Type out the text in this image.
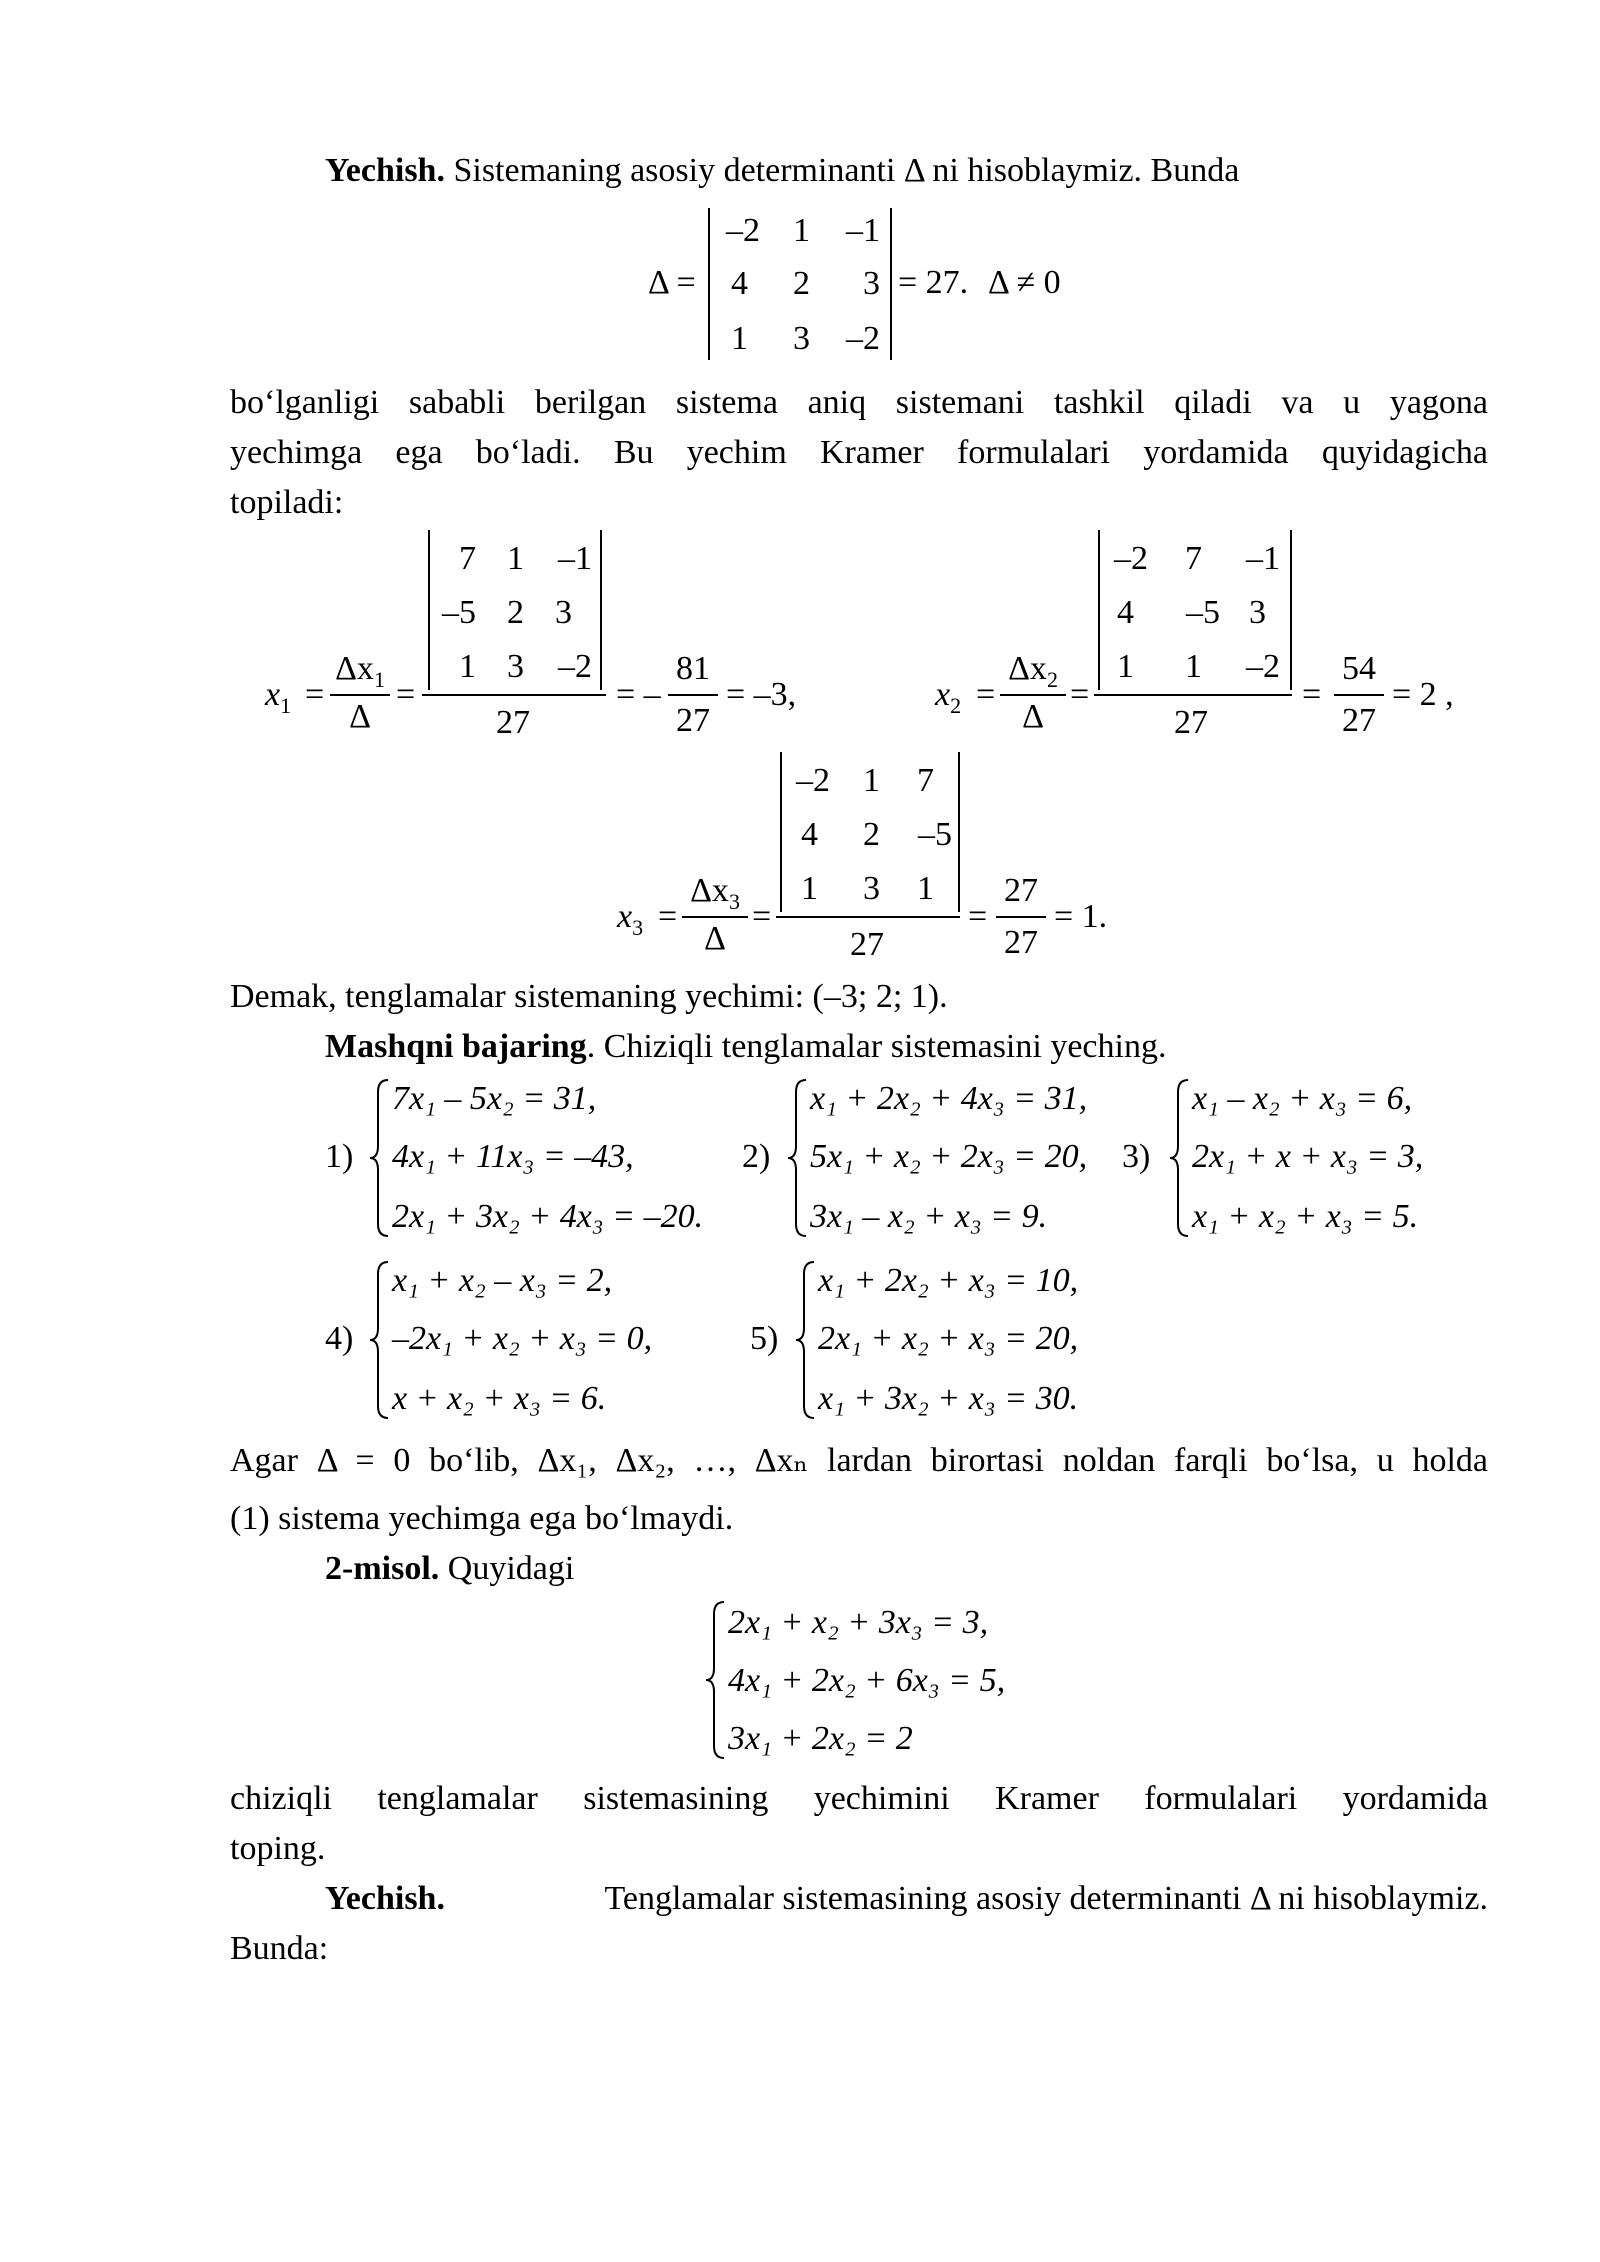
Yechish. Sistemaning asosiy determinanti Δ ni hisoblaymiz. Bunda
Δ =
–2 1	–1
4	2	3
1	3	–2
= 27. Δ ≠ 0
bo‘lganligi sababli berilgan sistema aniq sistemani tashkil qiladi va u yagona
yechimga ega bo‘ladi. Bu yechim Kramer formulalari yordamida quyidagicha
topiladi:
$x_1$ =
$\Delta x_1$
Δ
=
7 1	–1
–5 2 3
1 3	–2
27
= –
81
27
= –3,	$x_2$ =
$\Delta x_2$
Δ
=
–2	7	–1
4	–5 3
1	1	–2
27
=
54
27
= 2 ,
$x_3$ =
$\Delta x_3$
Δ
=
–2 1	7
4	2	–5
1	3	1
27
=
27
27
= 1.
Demak, tenglamalar sistemaning yechimi: (–3; 2; 1).
Mashqni bajaring. Chiziqli tenglamalar sistemasini yeching.
1)
7x₁ – 5x₂ = 31,
4x₁ + 11x₃ = –43,
2x₁ + 3x₂ + 4x₃ = –20.
2)
x₁ + 2x₂ + 4x₃ = 31,
5x₁ + x₂ + 2x₃ = 20,
3x₁ – x₂ + x₃ = 9.
3)
x₁ – x₂ + x₃ = 6,
2x₁ + x + x₃ = 3,
x₁ + x₂ + x₃ = 5.
4)
x₁ + x₂ – x₃ = 2,
–2x₁ + x₂ + x₃ = 0,
x + x₂ + x₃ = 6.
5)
x₁ + 2x₂ + x₃ = 10,
2x₁ + x₂ + x₃ = 20,
x₁ + 3x₂ + x₃ = 30.
Agar Δ = 0 bo‘lib, Δx₁, Δx₂, …, Δxₙ lardan birortasi noldan farqli bo‘lsa, u holda
(1) sistema yechimga ega bo‘lmaydi.
2-misol. Quyidagi
2x₁ + x₂ + 3x₃ = 3,
4x₁ + 2x₂ + 6x₃ = 5,
3x₁ + 2x₂ = 2
chiziqli tenglamalar sistemasining yechimini Kramer formulalari yordamida
toping.
Yechish.	Tenglamalar sistemasining asosiy determinanti Δ ni hisoblaymiz.
Bunda:
